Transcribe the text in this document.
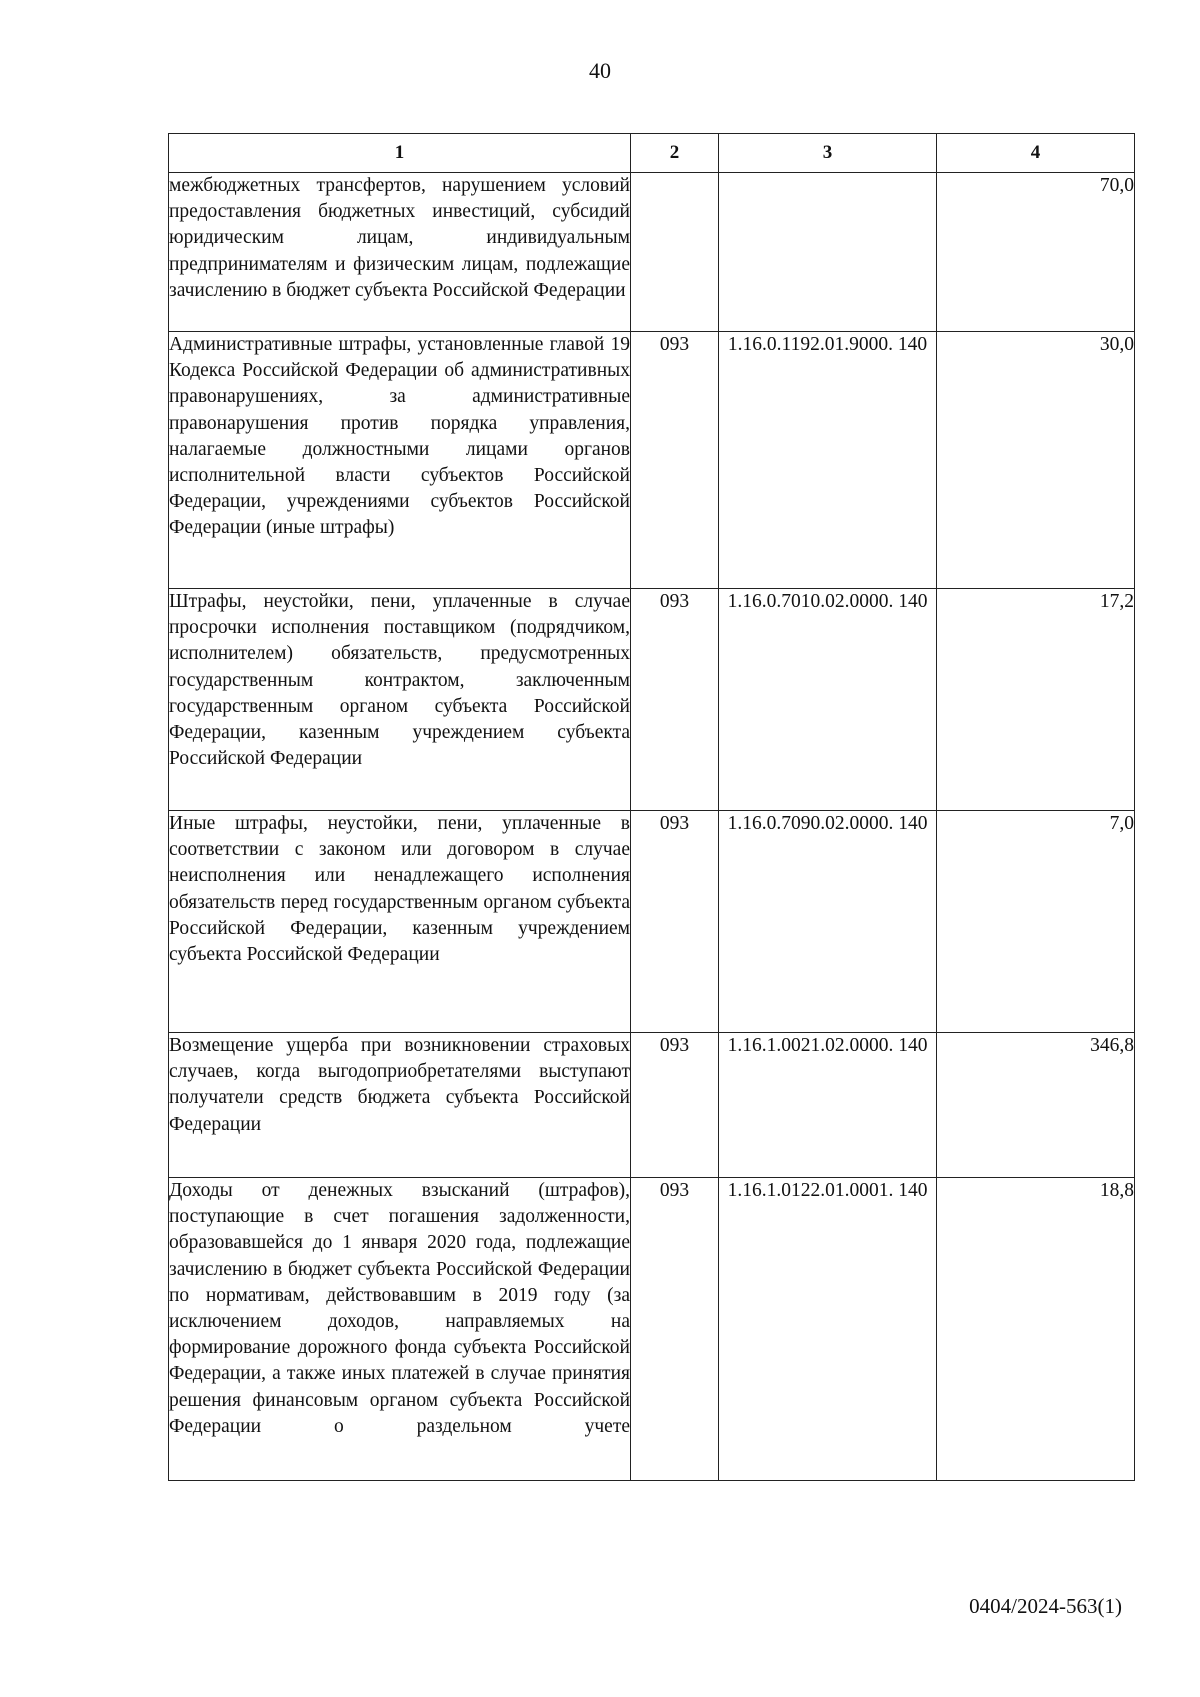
40
1	2	3	4
межбюджетных трансфертов, нарушением условий предоставления бюджетных инвестиций, субсидий юридическим лицам, индивидуальным предпринимателям и физическим лицам, подлежащие зачислению в бюджет субъекта Российской Федерации			70,0
Административные штрафы, установленные главой 19 Кодекса Российской Федерации об административных правонарушениях, за административные правонарушения против порядка управления, налагаемые должностными лицами органов исполнительной власти субъектов Российской Федерации, учреждениями субъектов Российской Федерации (иные штрафы)	093	1.16.0.1192.01.9000. 140	30,0
Штрафы, неустойки, пени, уплаченные в случае просрочки исполнения поставщиком (подрядчиком, исполнителем) обязательств, предусмотренных государственным контрактом, заключенным государственным органом субъекта Российской Федерации, казенным учреждением субъекта Российской Федерации	093	1.16.0.7010.02.0000. 140	17,2
Иные штрафы, неустойки, пени, уплаченные в соответствии с законом или договором в случае неисполнения или ненадлежащего исполнения обязательств перед государственным органом субъекта Российской Федерации, казенным учреждением субъекта Российской Федерации	093	1.16.0.7090.02.0000. 140	7,0
Возмещение ущерба при возникновении страховых случаев, когда выгодоприобретателями выступают получатели средств бюджета субъекта Российской Федерации	093	1.16.1.0021.02.0000. 140	346,8
Доходы от денежных взысканий (штрафов), поступающие в счет погашения задолженности, образовавшейся до 1 января 2020 года, подлежащие зачислению в бюджет субъекта Российской Федерации по нормативам, действовавшим в 2019 году (за исключением доходов, направляемых на формирование дорожного фонда субъекта Российской Федерации, а также иных платежей в случае принятия решения финансовым органом субъекта Российской Федерации о раздельном учете	093	1.16.1.0122.01.0001. 140	18,8
0404/2024-563(1)
